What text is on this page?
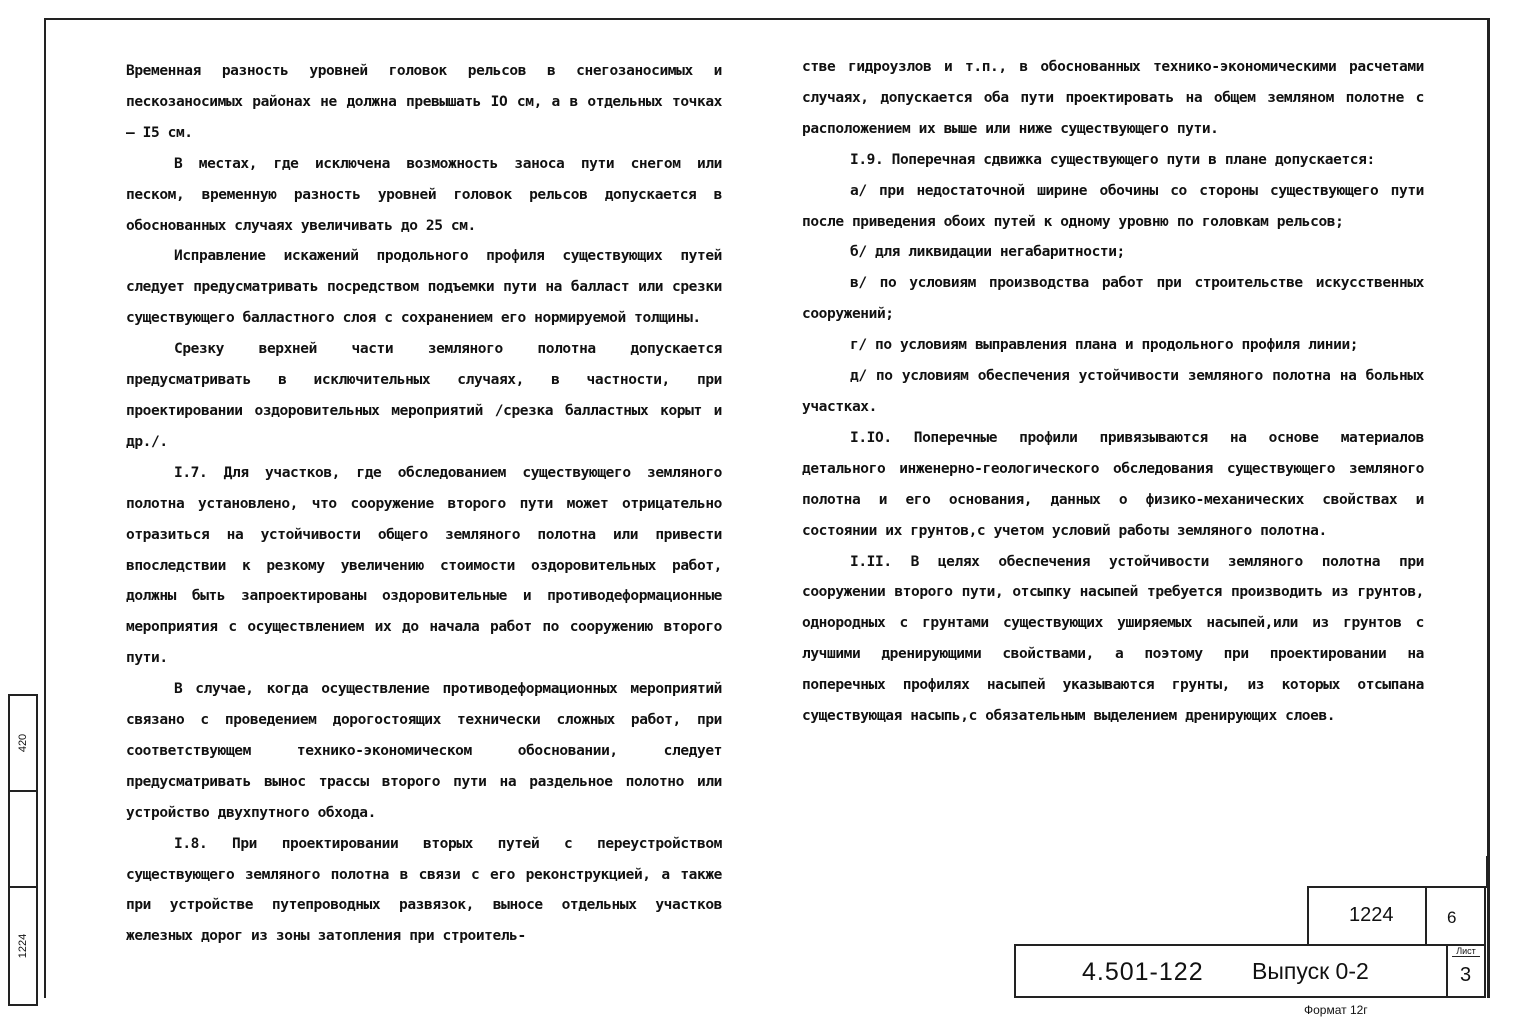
Временная разность уровней головок рельсов в снегозаносимых и пескозаносимых районах не должна превышать IO см, а в отдельных точках – I5 см.

В местах, где исключена возможность заноса пути снегом или песком, временную разность уровней головок рельсов допускается в обоснованных случаях увеличивать до 25 см.

Исправление искажений продольного профиля существующих путей следует предусматривать посредством подъемки пути на балласт или срезки существующего балластного слоя с сохранением его нормируемой толщины.

Срезку верхней части земляного полотна допускается предусматривать в исключительных случаях, в частности, при проектировании оздоровительных мероприятий /срезка балластных корыт и др./.

I.7. Для участков, где обследованием существующего земляного полотна установлено, что сооружение второго пути может отрицательно отразиться на устойчивости общего земляного полотна или привести впоследствии к резкому увеличению стоимости оздоровительных работ, должны быть запроектированы оздоровительные и противодеформационные мероприятия с осуществлением их до начала работ по сооружению второго пути.

В случае, когда осуществление противодеформационных мероприятий связано с проведением дорогостоящих технически сложных работ, при соответствующем технико-экономическом обосновании, следует предусматривать вынос трассы второго пути на раздельное полотно или устройство двухпутного обхода.

I.8. При проектировании вторых путей с переустройством существующего земляного полотна в связи с его реконструкцией, а также при устройстве путепроводных развязок, выносе отдельных участков железных дорог из зоны затопления при строитель-

стве гидроузлов и т.п., в обоснованных технико-экономическими расчетами случаях, допускается оба пути проектировать на общем земляном полотне с расположением их выше или ниже существующего пути.

I.9. Поперечная сдвижка существующего пути в плане допускается:

а/ при недостаточной ширине обочины со стороны существующего пути после приведения обоих путей к одному уровню по головкам рельсов;

б/ для ликвидации негабаритности;

в/ по условиям производства работ при строительстве искусственных сооружений;

г/ по условиям выправления плана и продольного профиля линии;

д/ по условиям обеспечения устойчивости земляного полотна на больных участках.

I.IO. Поперечные профили привязываются на основе материалов детального инженерно-геологического обследования существующего земляного полотна и его основания, данных о физико-механических свойствах и состоянии их грунтов,с учетом условий работы земляного полотна.

I.II. В целях обеспечения устойчивости земляного полотна при сооружении второго пути, отсыпку насыпей требуется производить из грунтов, однородных с грунтами существующих уширяемых насыпей,или из грунтов с лучшими дренирующими свойствами, а поэтому при проектировании на поперечных профилях насыпей указываются грунты, из которых отсыпана существующая насыпь,с обязательным выделением дренирующих слоев.

420
1224
1224	6
4.501-122 Выпуск 0-2
Лист
3
Формат 12г
